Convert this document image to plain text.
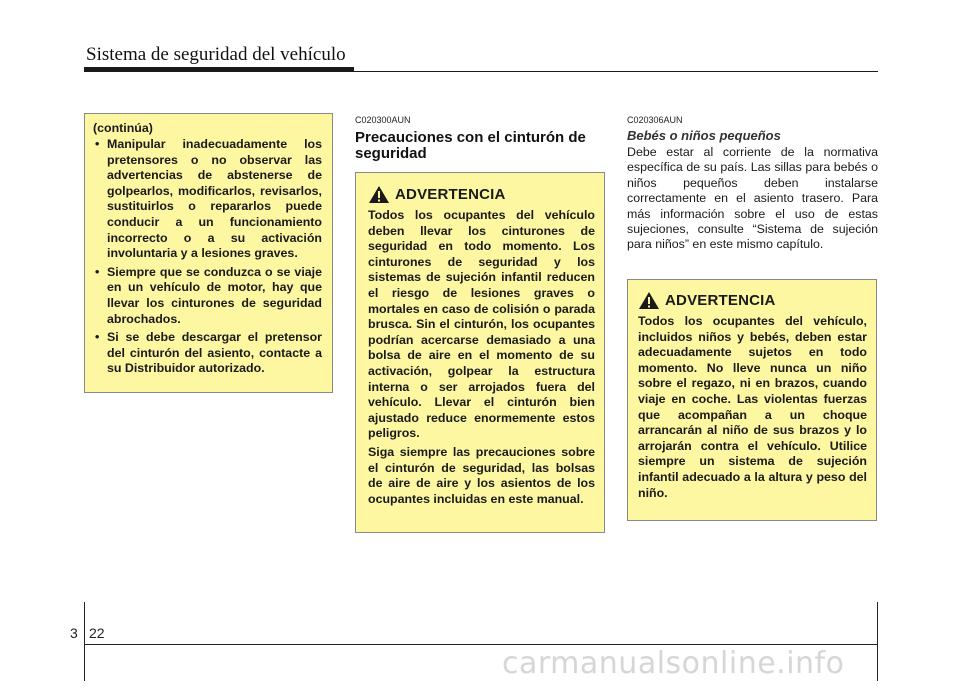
Sistema de seguridad del vehículo

(continúa)

• Manipular inadecuadamente los pretensores o no observar las advertencias de abstenerse de golpearlos, modificarlos, revisarlos, sustituirlos o repararlos puede conducir a un funcionamiento incorrecto o a su activación involuntaria y a lesiones graves.
• Siempre que se conduzca o se viaje en un vehículo de motor, hay que llevar los cinturones de seguridad abrochados.
• Si se debe descargar el pretensor del cinturón del asiento, contacte a su Distribuidor autorizado.
C020300AUN
Precauciones con el cinturón de seguridad
ADVERTENCIA

Todos los ocupantes del vehículo deben llevar los cinturones de seguridad en todo momento. Los cinturones de seguridad y los sistemas de sujeción infantil reducen el riesgo de lesiones graves o mortales en caso de colisión o parada brusca. Sin el cinturón, los ocupantes podrían acercarse demasiado a una bolsa de aire en el momento de su activación, golpear la estructura interna o ser arrojados fuera del vehículo. Llevar el cinturón bien ajustado reduce enormemente estos peligros.

Siga siempre las precauciones sobre el cinturón de seguridad, las bolsas de aire de aire y los asientos de los ocupantes incluidas en este manual.

C020306AUN
Bebés o niños pequeños

Debe estar al corriente de la normativa específica de su país. Las sillas para bebés o niños pequeños deben instalarse correctamente en el asiento trasero. Para más información sobre el uso de estas sujeciones, consulte “Sistema de sujeción para niños” en este mismo capítulo.

ADVERTENCIA

Todos los ocupantes del vehículo, incluidos niños y bebés, deben estar adecuadamente sujetos en todo momento. No lleve nunca un niño sobre el regazo, ni en brazos, cuando viaje en coche. Las violentas fuerzas que acompañan a un choque arrancarán al niño de sus brazos y lo arrojarán contra el vehículo. Utilice siempre un sistema de sujeción infantil adecuado a la altura y peso del niño.

3 22
carmanualsonline.info
